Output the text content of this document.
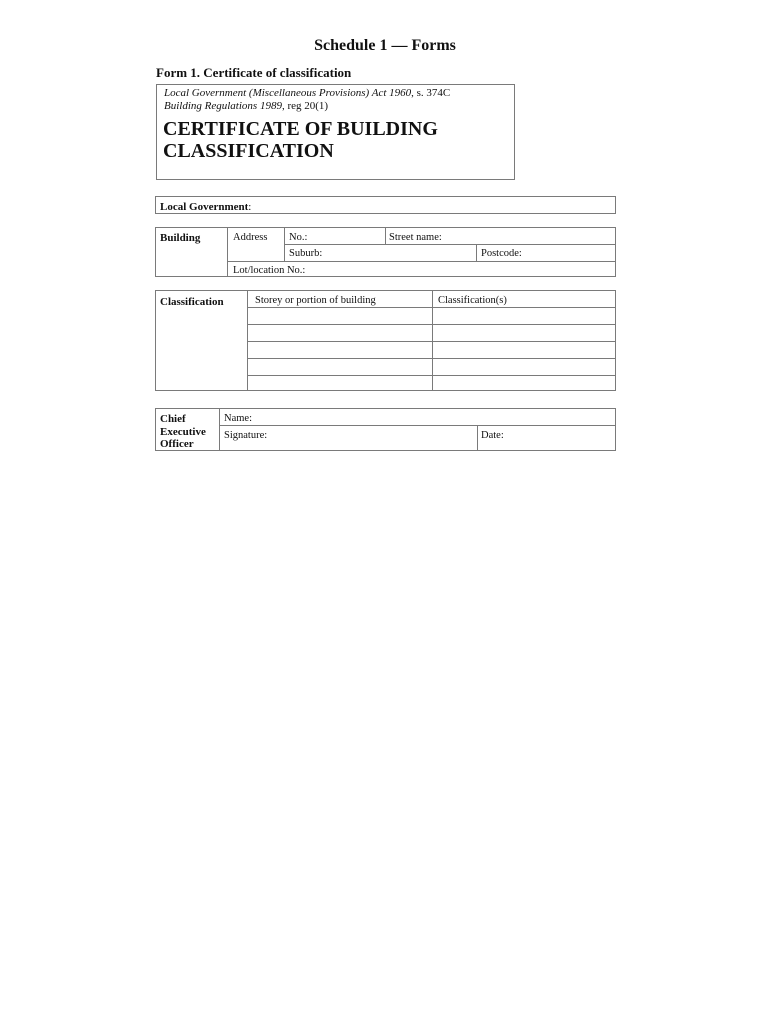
Schedule 1 — Forms
Form 1. Certificate of classification
Local Government (Miscellaneous Provisions) Act 1960, s. 374C
Building Regulations 1989, reg 20(1)
CERTIFICATE OF BUILDING
CLASSIFICATION
Local Government:
Building	Address No.:	Street name:
Suburb:	Postcode:
Lot/location No.:
Classification	Storey or portion of building	Classification(s)
Chief
Executive
Officer
Name:
Signature:	Date:
